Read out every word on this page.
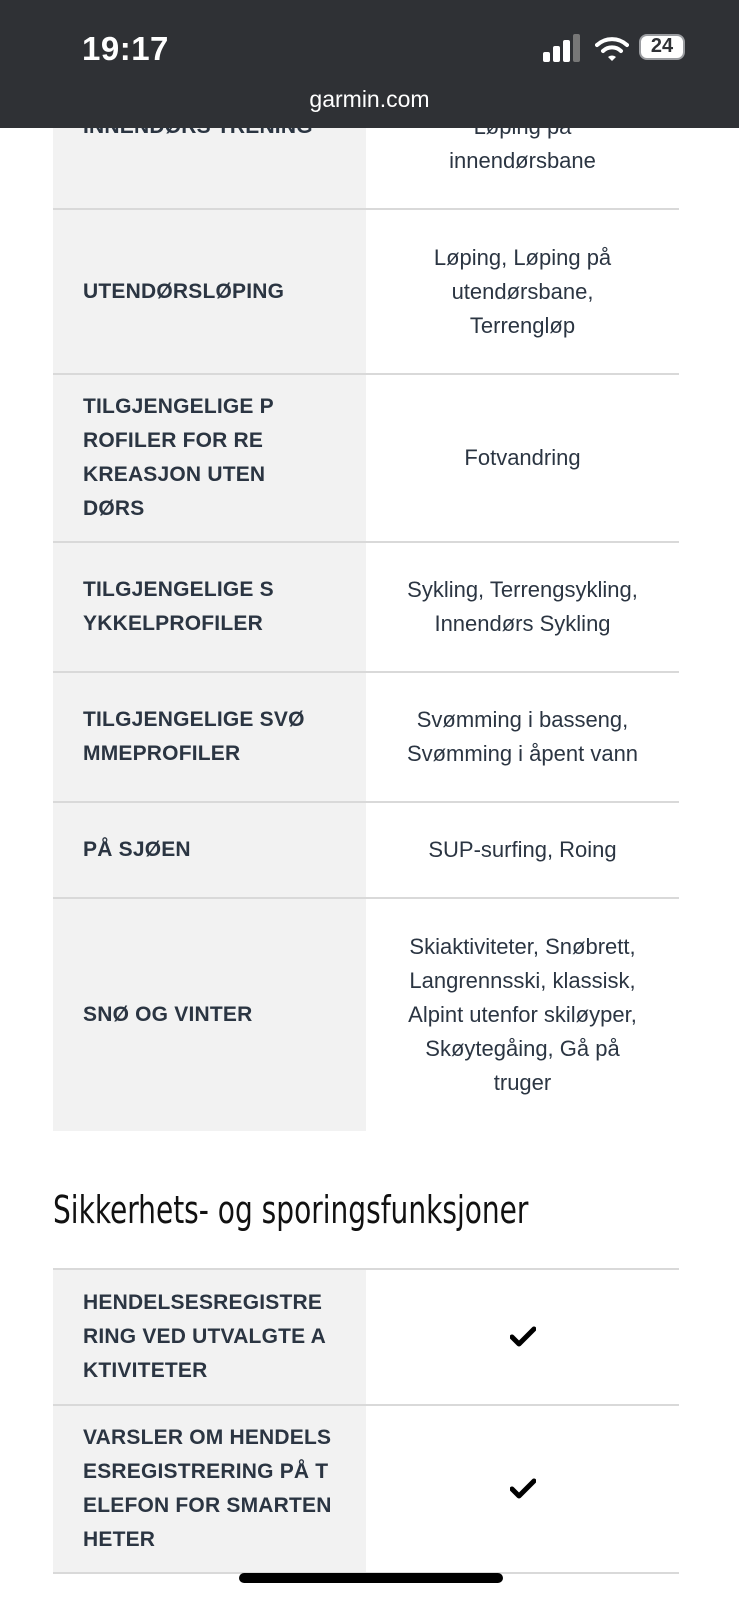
innendørsbane
UTENDØRSLØPING
Løping, Løping på utendørsbane, Terrengløp
TILGJENGELIGE PROFILER FOR REKREASJON UTENDØRS
Fotvandring
TILGJENGELIGE SYKKELPROFILER
Sykling, Terrengsykling, Innendørs Sykling
TILGJENGELIGE SVØMMEPROFILER
Svømming i basseng, Svømming i åpent vann
PÅ SJØEN	SUP-surfing, Roing
SNØ OG VINTER
Skiaktiviteter, Snøbrett, Langrennsski, klassisk, Alpint utenfor skiløyper, Skøytegåing, Gå på truger
Sikkerhets- og sporingsfunksjoner
HENDELSESREGISTRERING VED UTVALGTE AKTIVITETER
VARSLER OM HENDELSESREGISTRERING PÅ TELEFON FOR SMARTENHETER
19:17	24
garmin.com
